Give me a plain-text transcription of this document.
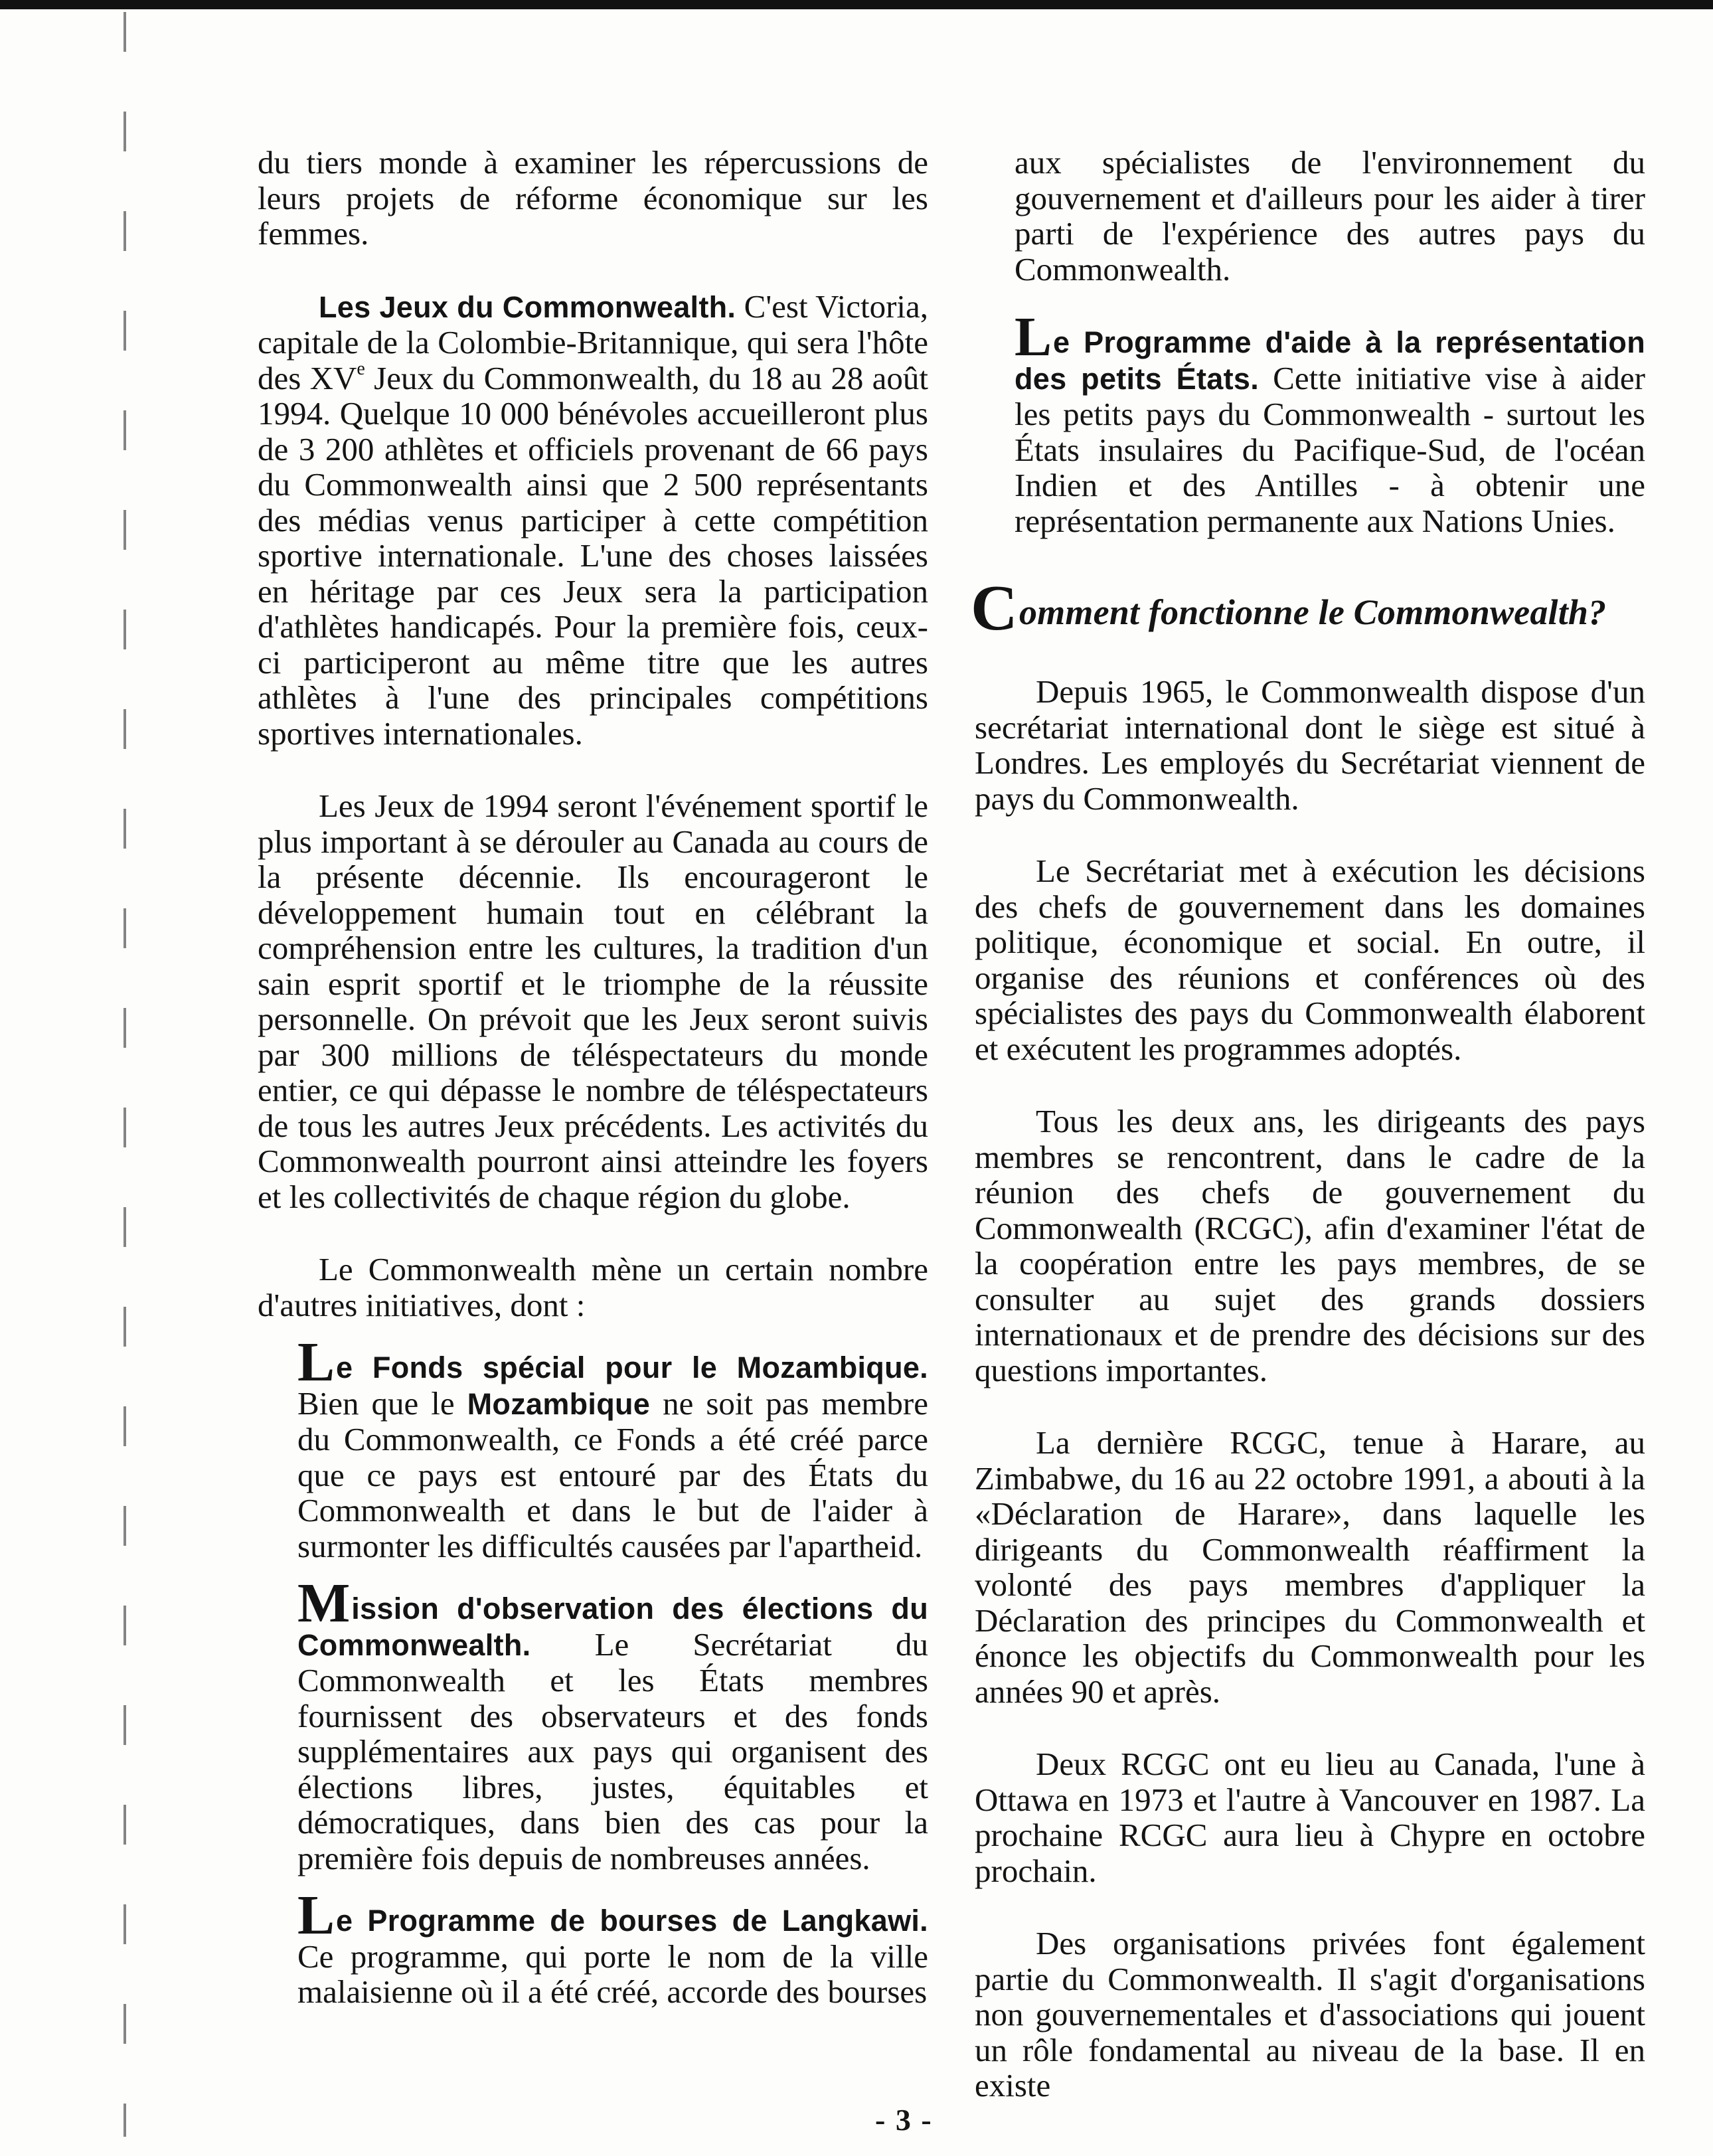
du tiers monde à examiner les répercussions de leurs projets de réforme économique sur les femmes.

Les Jeux du Commonwealth. C'est Victoria, capitale de la Colombie-Britannique, qui sera l'hôte des XVe Jeux du Commonwealth, du 18 au 28 août 1994. Quelque 10 000 bénévoles accueilleront plus de 3 200 athlètes et officiels provenant de 66 pays du Commonwealth ainsi que 2 500 représentants des médias venus participer à cette compétition sportive internationale. L'une des choses laissées en héritage par ces Jeux sera la participation d'athlètes handicapés. Pour la première fois, ceux-ci participeront au même titre que les autres athlètes à l'une des principales compétitions sportives internationales.

Les Jeux de 1994 seront l'événement sportif le plus important à se dérouler au Canada au cours de la présente décennie. Ils encourageront le développement humain tout en célébrant la compréhension entre les cultures, la tradition d'un sain esprit sportif et le triomphe de la réussite personnelle. On prévoit que les Jeux seront suivis par 300 millions de téléspectateurs du monde entier, ce qui dépasse le nombre de téléspectateurs de tous les autres Jeux précédents. Les activités du Commonwealth pourront ainsi atteindre les foyers et les collectivités de chaque région du globe.

Le Commonwealth mène un certain nombre d'autres initiatives, dont :

Le Fonds spécial pour le Mozambique. Bien que le Mozambique ne soit pas membre du Commonwealth, ce Fonds a été créé parce que ce pays est entouré par des États du Commonwealth et dans le but de l'aider à surmonter les difficultés causées par l'apartheid.

Mission d'observation des élections du Commonwealth. Le Secrétariat du Commonwealth et les États membres fournissent des observateurs et des fonds supplémentaires aux pays qui organisent des élections libres, justes, équitables et démocratiques, dans bien des cas pour la première fois depuis de nombreuses années.

Le Programme de bourses de Langkawi. Ce programme, qui porte le nom de la ville malaisienne où il a été créé, accorde des bourses

aux spécialistes de l'environnement du gouvernement et d'ailleurs pour les aider à tirer parti de l'expérience des autres pays du Commonwealth.

Le Programme d'aide à la représentation des petits États. Cette initiative vise à aider les petits pays du Commonwealth - surtout les États insulaires du Pacifique-Sud, de l'océan Indien et des Antilles - à obtenir une représentation permanente aux Nations Unies.

Comment fonctionne le Commonwealth?

Depuis 1965, le Commonwealth dispose d'un secrétariat international dont le siège est situé à Londres. Les employés du Secrétariat viennent de pays du Commonwealth.

Le Secrétariat met à exécution les décisions des chefs de gouvernement dans les domaines politique, économique et social. En outre, il organise des réunions et conférences où des spécialistes des pays du Commonwealth élaborent et exécutent les programmes adoptés.

Tous les deux ans, les dirigeants des pays membres se rencontrent, dans le cadre de la réunion des chefs de gouvernement du Commonwealth (RCGC), afin d'examiner l'état de la coopération entre les pays membres, de se consulter au sujet des grands dossiers internationaux et de prendre des décisions sur des questions importantes.

La dernière RCGC, tenue à Harare, au Zimbabwe, du 16 au 22 octobre 1991, a abouti à la «Déclaration de Harare», dans laquelle les dirigeants du Commonwealth réaffirment la volonté des pays membres d'appliquer la Déclaration des principes du Commonwealth et énonce les objectifs du Commonwealth pour les années 90 et après.

Deux RCGC ont eu lieu au Canada, l'une à Ottawa en 1973 et l'autre à Vancouver en 1987. La prochaine RCGC aura lieu à Chypre en octobre prochain.

Des organisations privées font également partie du Commonwealth. Il s'agit d'organisations non gouvernementales et d'associations qui jouent un rôle fondamental au niveau de la base. Il en existe

- 3 -
